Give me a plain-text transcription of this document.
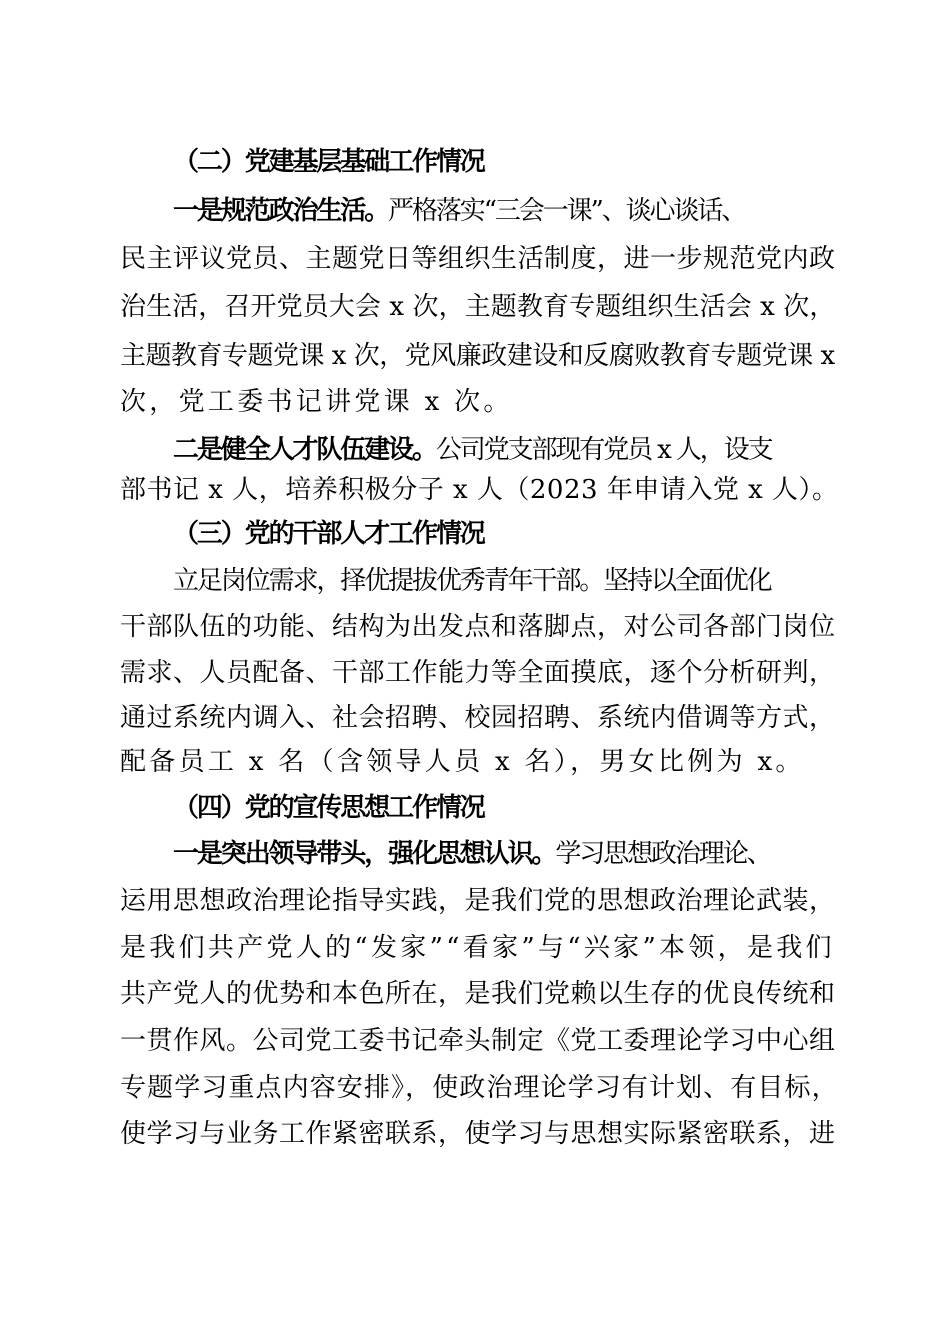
（二）党建基层基础工作情况
一是规范政治生活。严格落实“三会一课”、谈心谈话、
民主评议党员、主题党日等组织生活制度，进一步规范党内政
治生活，召开党员大会 x 次，主题教育专题组织生活会 x 次，
主题教育专题党课 x 次，党风廉政建设和反腐败教育专题党课 x
次，党工委书记讲党课 x 次。
二是健全人才队伍建设。公司党支部现有党员 x 人，设支
部书记 x 人，培养积极分子 x 人（2023 年申请入党 x 人）。
（三）党的干部人才工作情况
立足岗位需求，择优提拔优秀青年干部。坚持以全面优化
干部队伍的功能、结构为出发点和落脚点，对公司各部门岗位
需求、人员配备、干部工作能力等全面摸底，逐个分析研判，
通过系统内调入、社会招聘、校园招聘、系统内借调等方式，
配备员工 x 名（含领导人员 x 名），男女比例为 x。
（四）党的宣传思想工作情况
一是突出领导带头，强化思想认识。学习思想政治理论、
运用思想政治理论指导实践，是我们党的思想政治理论武装，
是我们共产党人的“发家”“看家”与“兴家”本领，是我们
共产党人的优势和本色所在，是我们党赖以生存的优良传统和
一贯作风。公司党工委书记牵头制定《党工委理论学习中心组
专题学习重点内容安排》，使政治理论学习有计划、有目标，
使学习与业务工作紧密联系，使学习与思想实际紧密联系，进
